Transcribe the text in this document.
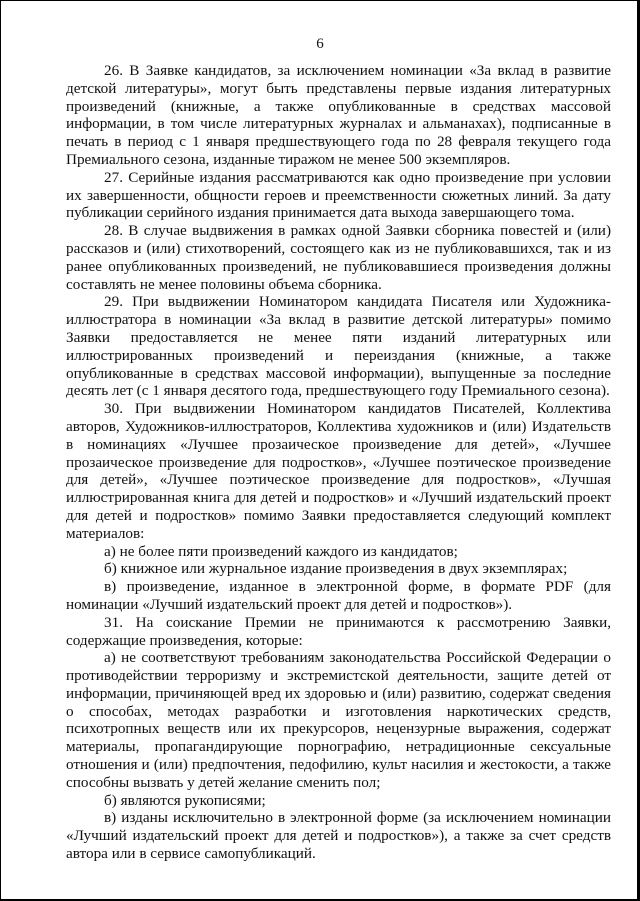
6

26. В Заявке кандидатов, за исключением номинации «За вклад в развитие детской литературы», могут быть представлены первые издания литературных произведений (книжные, а также опубликованные в средствах массовой информации, в том числе литературных журналах и альманахах), подписанные в печать в период с 1 января предшествующего года по 28 февраля текущего года Премиального сезона, изданные тиражом не менее 500 экземпляров.

27. Серийные издания рассматриваются как одно произведение при условии их завершенности, общности героев и преемственности сюжетных линий. За дату публикации серийного издания принимается дата выхода завершающего тома.

28. В случае выдвижения в рамках одной Заявки сборника повестей и (или) рассказов и (или) стихотворений, состоящего как из не публиковавшихся, так и из ранее опубликованных произведений, не публиковавшиеся произведения должны составлять не менее половины объема сборника.

29. При выдвижении Номинатором кандидата Писателя или Художника-иллюстратора в номинации «За вклад в развитие детской литературы» помимо Заявки предоставляется не менее пяти изданий литературных или иллюстрированных произведений и переиздания (книжные, а также опубликованные в средствах массовой информации), выпущенные за последние десять лет (с 1 января десятого года, предшествующего году Премиального сезона).

30. При выдвижении Номинатором кандидатов Писателей, Коллектива авторов, Художников-иллюстраторов, Коллектива художников и (или) Издательств в номинациях «Лучшее прозаическое произведение для детей», «Лучшее прозаическое произведение для подростков», «Лучшее поэтическое произведение для детей», «Лучшее поэтическое произведение для подростков», «Лучшая иллюстрированная книга для детей и подростков» и «Лучший издательский проект для детей и подростков» помимо Заявки предоставляется следующий комплект материалов:

а) не более пяти произведений каждого из кандидатов;

б) книжное или журнальное издание произведения в двух экземплярах;

в) произведение, изданное в электронной форме, в формате PDF (для номинации «Лучший издательский проект для детей и подростков»).

31. На соискание Премии не принимаются к рассмотрению Заявки, содержащие произведения, которые:

а) не соответствуют требованиям законодательства Российской Федерации о противодействии терроризму и экстремистской деятельности, защите детей от информации, причиняющей вред их здоровью и (или) развитию, содержат сведения о способах, методах разработки и изготовления наркотических средств, психотропных веществ или их прекурсоров, нецензурные выражения, содержат материалы, пропагандирующие порнографию, нетрадиционные сексуальные отношения и (или) предпочтения, педофилию, культ насилия и жестокости, а также способны вызвать у детей желание сменить пол;

б) являются рукописями;

в) изданы исключительно в электронной форме (за исключением номинации «Лучший издательский проект для детей и подростков»), а также за счет средств автора или в сервисе самопубликаций.
